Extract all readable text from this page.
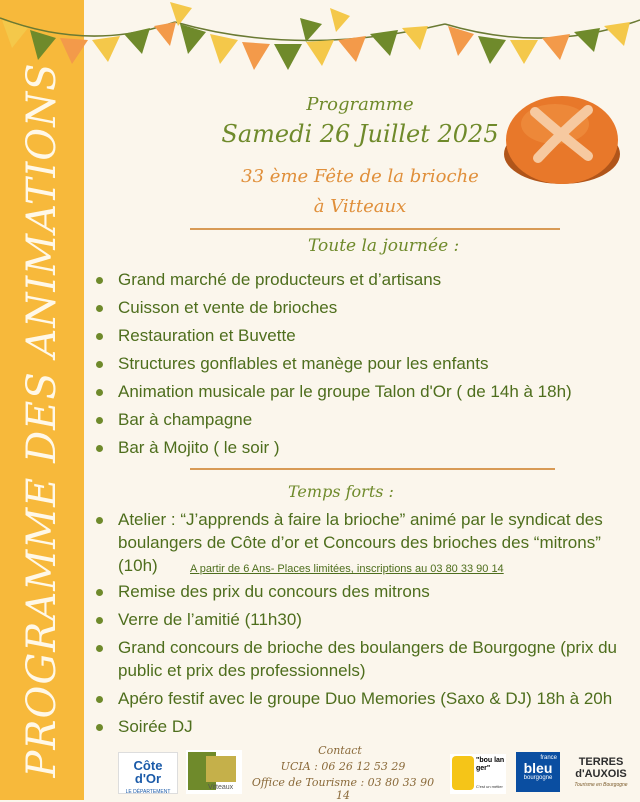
PROGRAMME DES ANIMATIONS	Programme
Samedi 26 Juillet 2025
33 ème Fête de la brioche
à Vitteaux
Toute la journée :
Grand marché de producteurs et d’artisans
Cuisson et vente de brioches
Restauration et Buvette
Structures gonflables et manège pour les enfants
Animation musicale par le groupe Talon d'Or ( de 14h à 18h)
Bar à champagne
Bar à Mojito ( le soir )
Temps forts :
Atelier : “J’apprends à faire la brioche” animé par le syndicat des boulangers de Côte d’or et Concours des brioches des “mitrons” (10h)	A partir de 6 Ans- Places limitées, inscriptions au 03 80 33 90 14
Remise des prix du concours des mitrons
Verre de l’amitié (11h30)
Grand concours de brioche des boulangers de Bourgogne (prix du public et prix des professionnels)
Apéro festif avec le groupe Duo Memories (Saxo & DJ) 18h à 20h
Soirée DJ
Contact
UCIA : 06 26 12 53 29
Office de Tourisme : 03 80 33 90 14
Côte d'Or
LE DÉPARTEMENT
Vitteaux
"bou lan ger"
C'est un métier
france
bleu
bourgogne
TERRES
d'AUXOIS
Tourisme en Bourgogne
